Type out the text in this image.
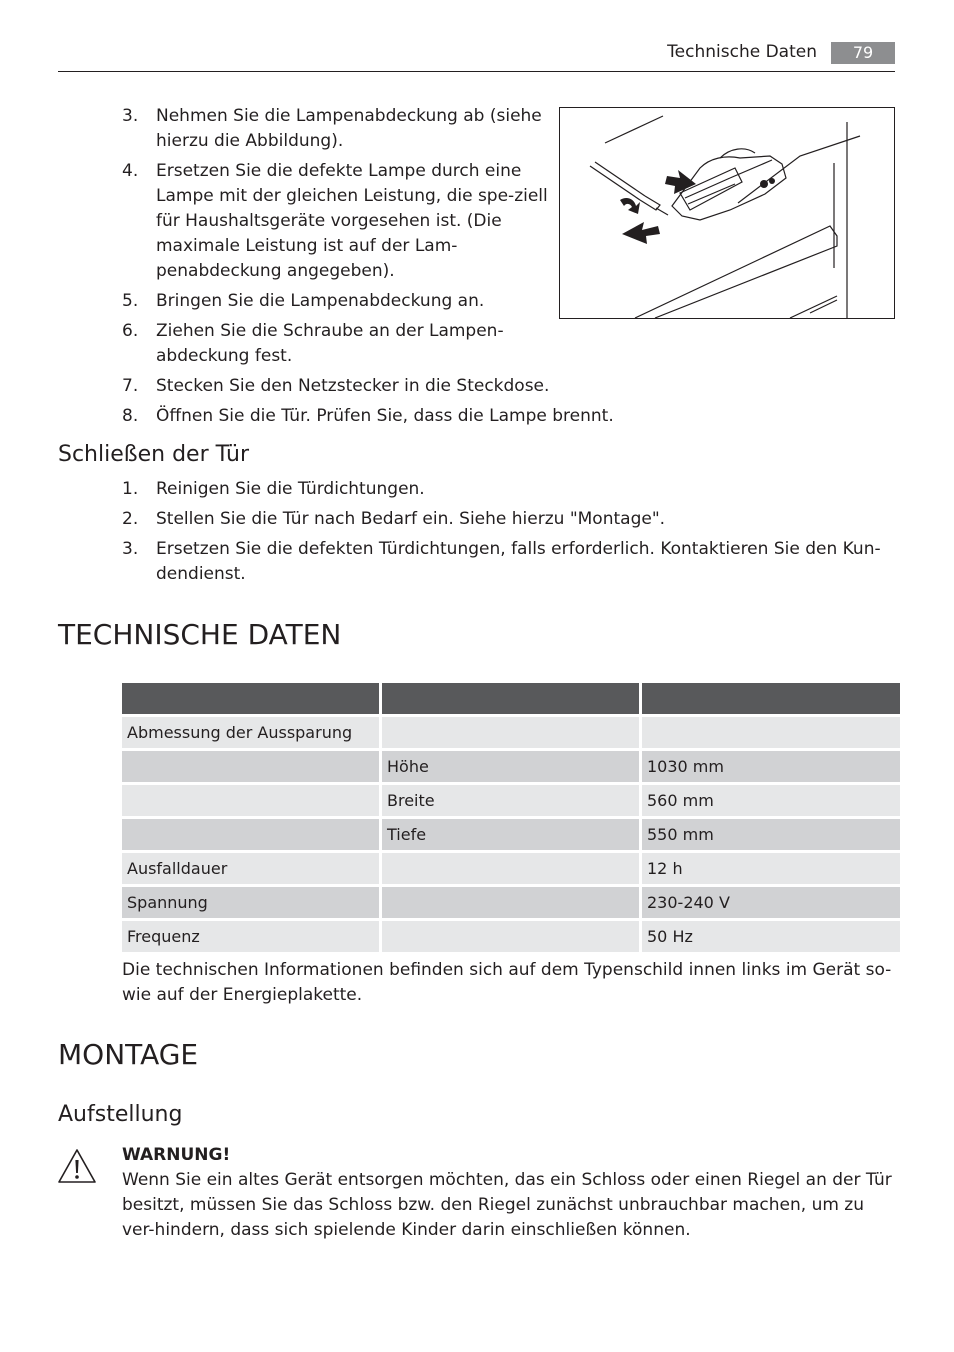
Technische Daten	79
3. Nehmen Sie die Lampenabdeckung ab (siehe hierzu die Abbildung).
4. Ersetzen Sie die defekte Lampe durch eine Lampe mit der gleichen Leistung, die spe-ziell für Haushaltsgeräte vorgesehen ist. (Die maximale Leistung ist auf der Lam-penabdeckung angegeben).
5. Bringen Sie die Lampenabdeckung an.
6. Ziehen Sie die Schraube an der Lampen-abdeckung fest.
7. Stecken Sie den Netzstecker in die Steckdose.
8. Öffnen Sie die Tür. Prüfen Sie, dass die Lampe brennt.
Schließen der Tür
1. Reinigen Sie die Türdichtungen.
2. Stellen Sie die Tür nach Bedarf ein. Siehe hierzu "Montage".
3. Ersetzen Sie die defekten Türdichtungen, falls erforderlich. Kontaktieren Sie den Kun-dendienst.
TECHNISCHE DATEN

Abmessung der Aussparung		
	Höhe	1030 mm
	Breite	560 mm
	Tiefe	550 mm
Ausfalldauer		12 h
Spannung		230-240 V
Frequenz		50 Hz

Die technischen Informationen befinden sich auf dem Typenschild innen links im Gerät so-wie auf der Energieplakette.

MONTAGE
Aufstellung
WARNUNG!

Wenn Sie ein altes Gerät entsorgen möchten, das ein Schloss oder einen Riegel an der Tür besitzt, müssen Sie das Schloss bzw. den Riegel zunächst unbrauchbar machen, um zu ver-hindern, dass sich spielende Kinder darin einschließen können.
